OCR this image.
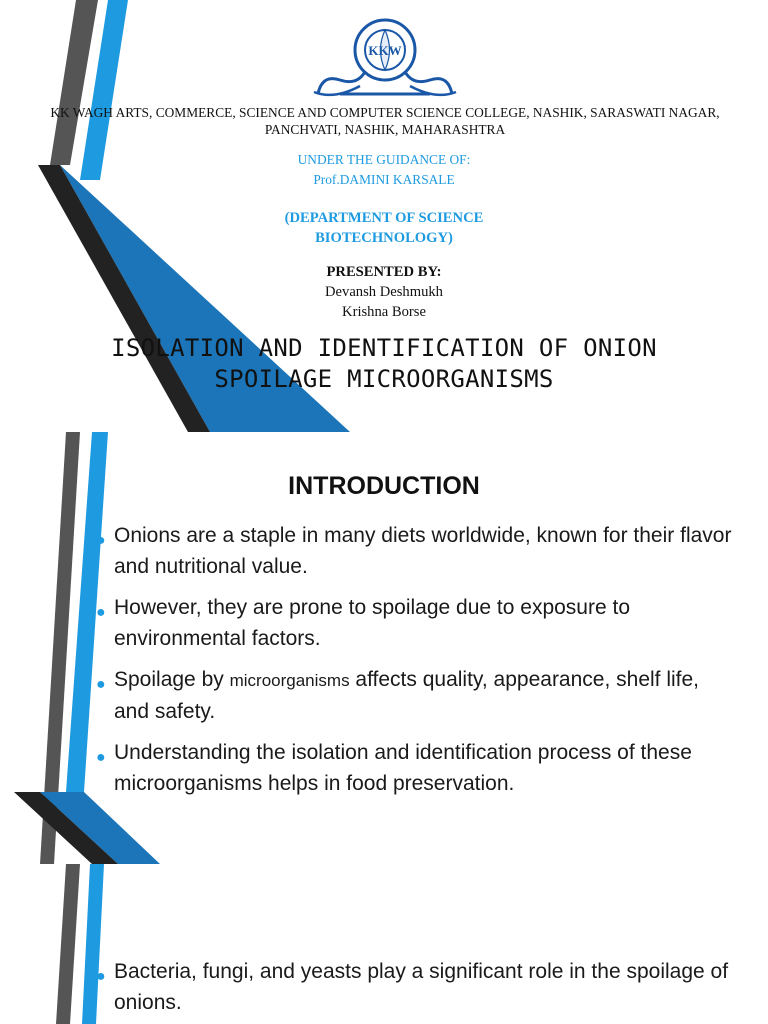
KKW
KK WAGH ARTS, COMMERCE, SCIENCE AND COMPUTER SCIENCE COLLEGE, NASHIK, SARASWATI NAGAR, PANCHVATI, NASHIK, MAHARASHTRA
UNDER THE GUIDANCE OF:
Prof.DAMINI KARSALE
(DEPARTMENT OF SCIENCE
BIOTECHNOLOGY)
PRESENTED BY:
Devansh Deshmukh
Krishna Borse
ISOLATION AND IDENTIFICATION OF ONION
SPOILAGE MICROORGANISMS
INTRODUCTION
● Onions are a staple in many diets worldwide, known for their flavor and nutritional value.
● However, they are prone to spoilage due to exposure to environmental factors.
● Spoilage by microorganisms affects quality, appearance, shelf life, and safety.
● Understanding the isolation and identification process of these microorganisms helps in food preservation.
● Bacteria, fungi, and yeasts play a significant role in the spoilage of onions.
